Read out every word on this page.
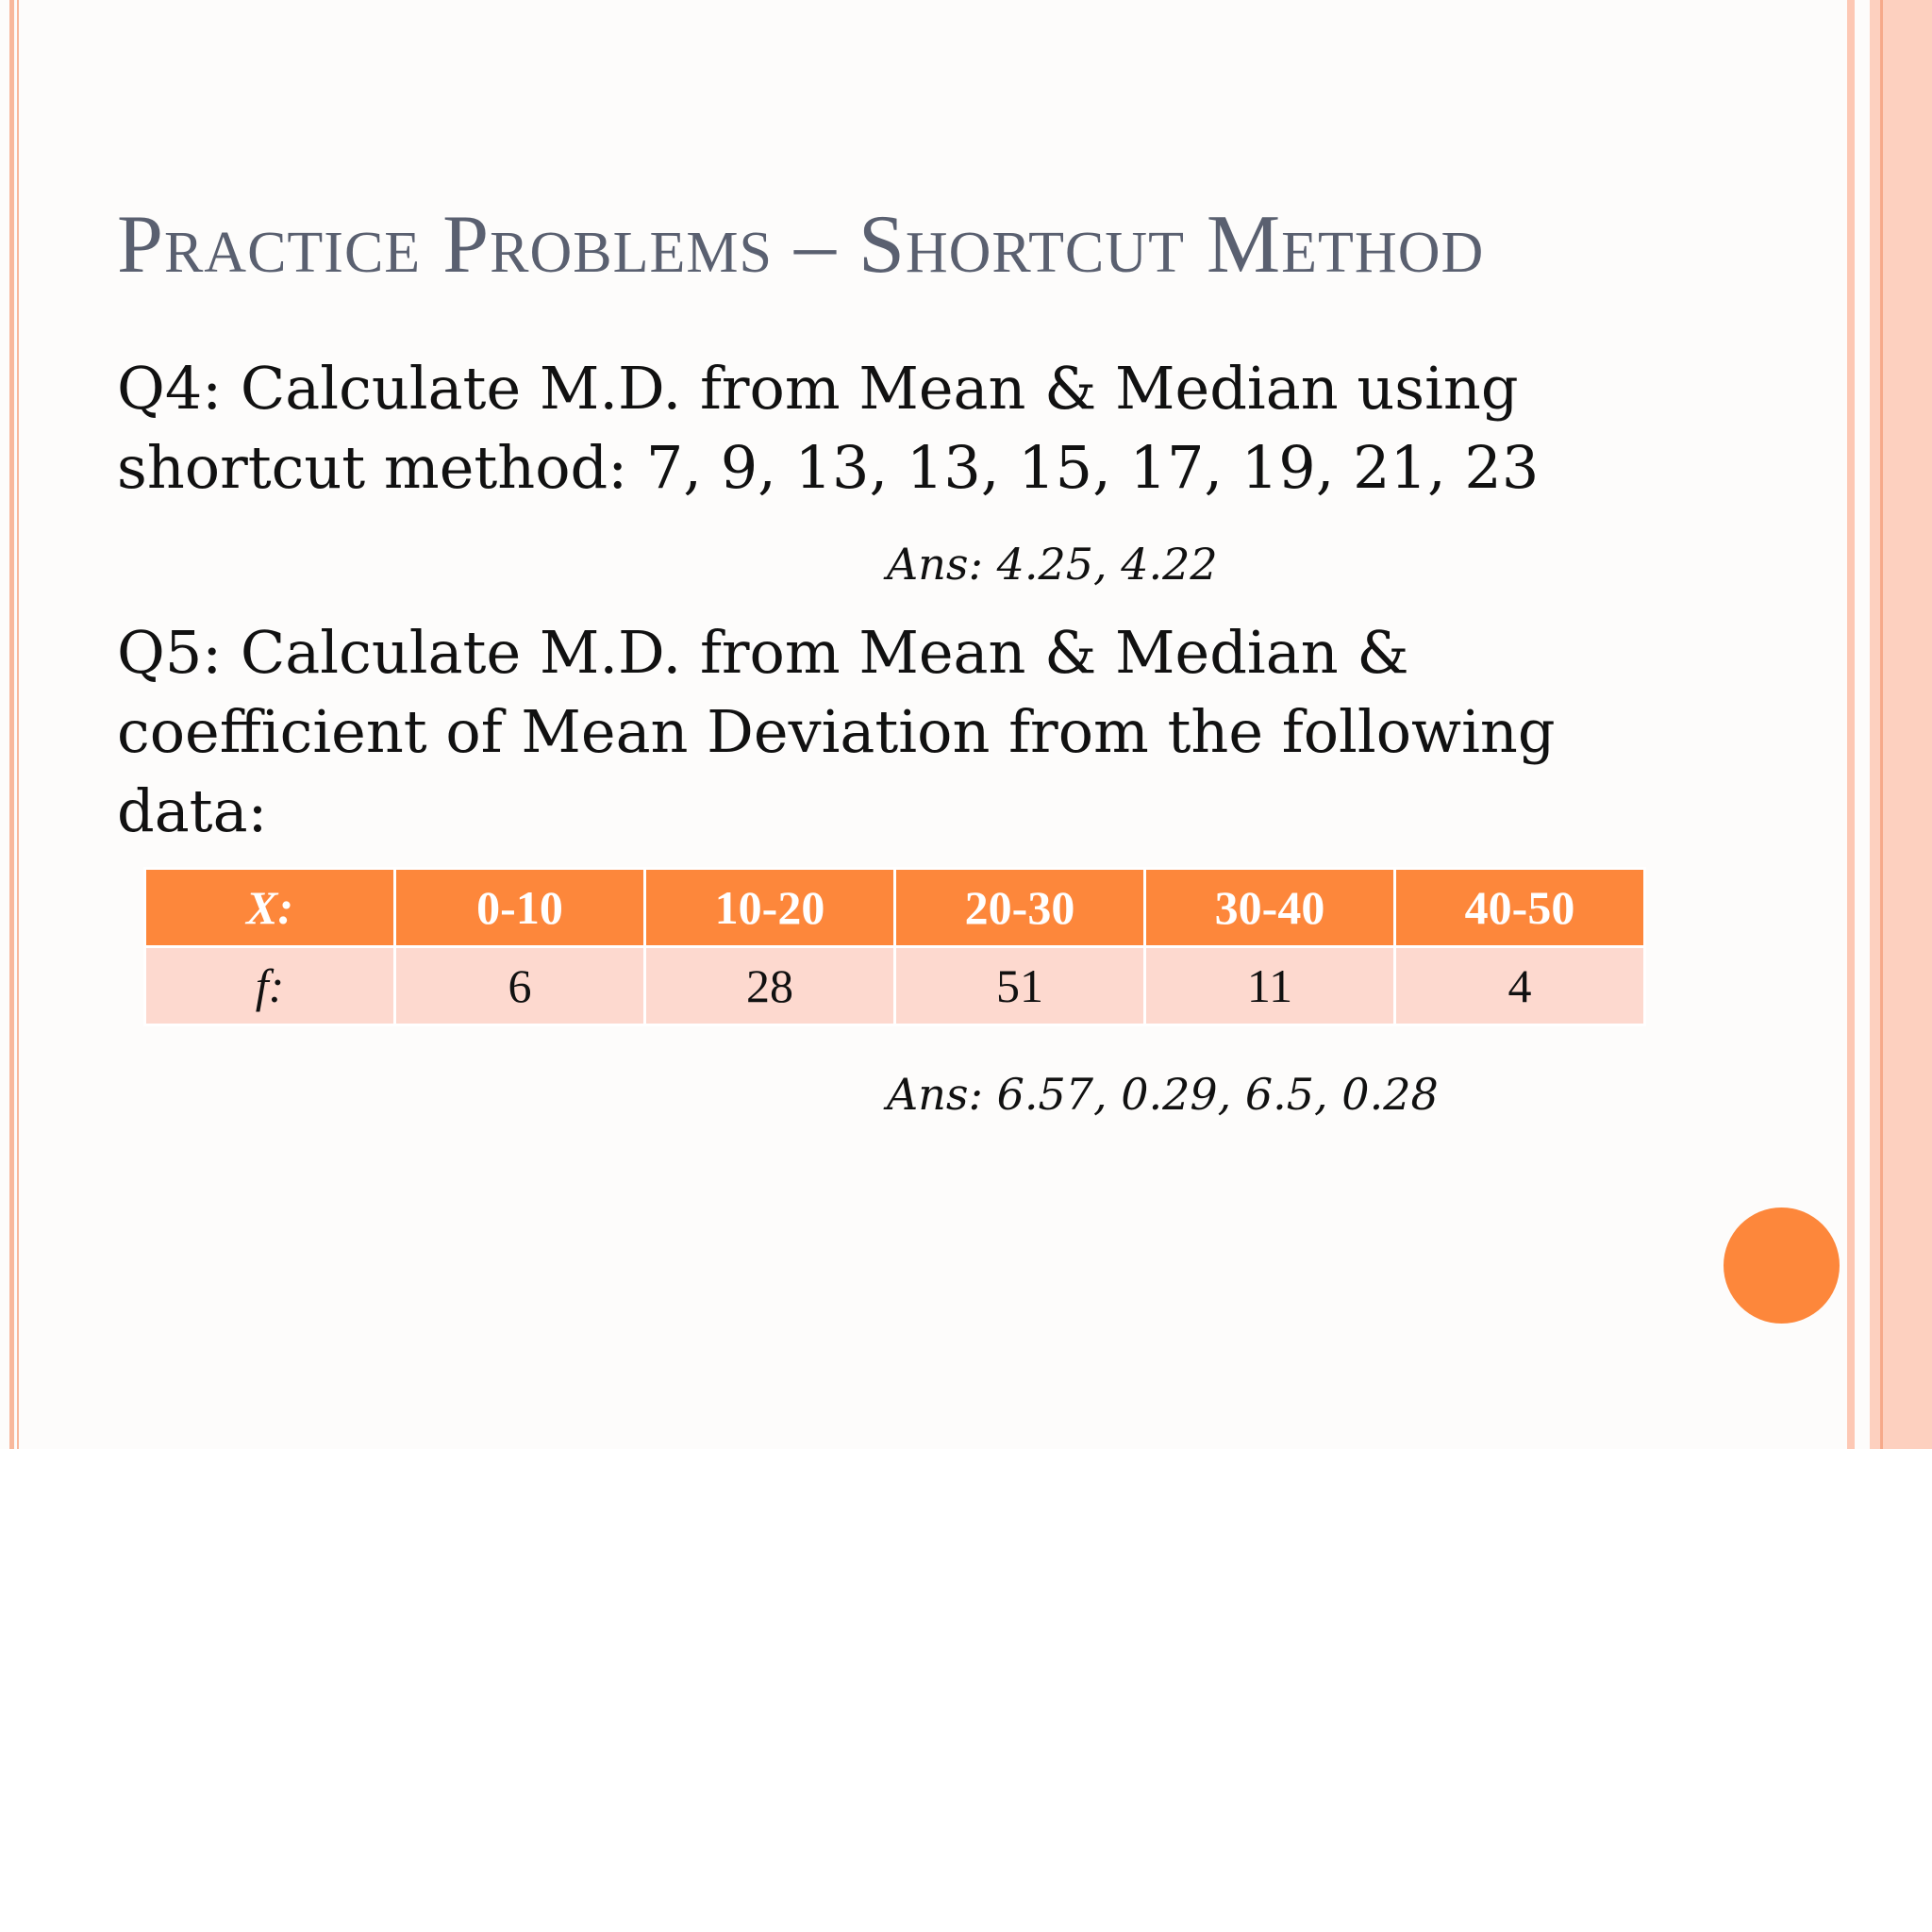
Practice Problems – Shortcut Method

Q4: Calculate M.D. from Mean & Median using shortcut method: 7, 9, 13, 13, 15, 17, 19, 21, 23

Ans: 4.25, 4.22

Q5: Calculate M.D. from Mean & Median & coefficient of Mean Deviation from the following data:

X:	0-10	10-20	20-30	30-40	40-50
f:	6	28	51	11	4

Ans: 6.57, 0.29, 6.5, 0.28
